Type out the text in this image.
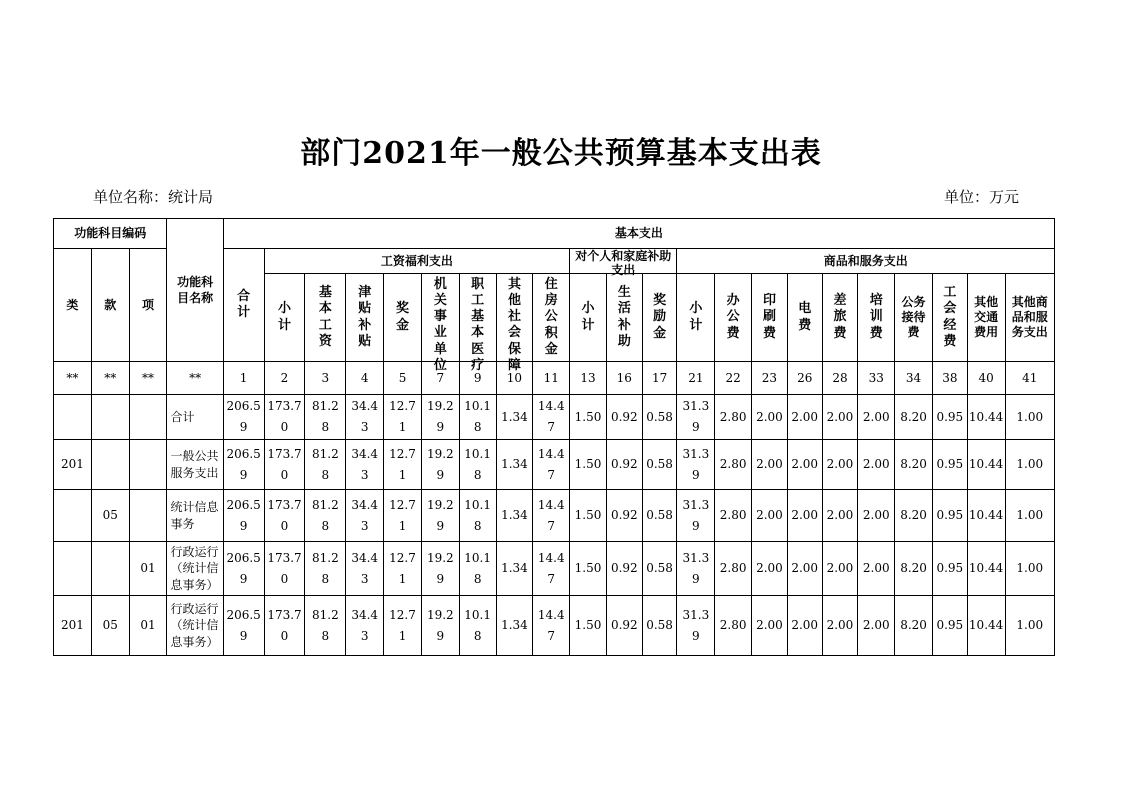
部门2021年一般公共预算基本支出表
单位名称：统计局	单位：万元
功能科目编码			功能科目名称	基本支出																					
类	款	项		合计	工资福利支出								对个人和家庭补助支出			商品和服务支出									

					小计	基本工资	津贴补贴	奖金	机关事业单位	职工基本医疗	其他社会保障	住房公积金	小计	生活补助	奖励金	小计	办公费	印刷费	电费	差旅费	培训费	公务接待费	工会经费	其他交通费用	其他商品和服务支出

**	**	**	**	1	2	3	4	5	7	9	10	11	13	16	17	21	22	23	26	28	33	34	38	40	41

			合计	206.59	173.70	81.28	34.43	12.71	19.29	10.18	1.34	14.47	1.50	0.92	0.58	31.39	2.80	2.00	2.00	2.00	2.00	8.20	0.95	10.44	1.00
201			一般公共服务支出	206.59	173.70	81.28	34.43	12.71	19.29	10.18	1.34	14.47	1.50	0.92	0.58	31.39	2.80	2.00	2.00	2.00	2.00	8.20	0.95	10.44	1.00
	05		统计信息事务	206.59	173.70	81.28	34.43	12.71	19.29	10.18	1.34	14.47	1.50	0.92	0.58	31.39	2.80	2.00	2.00	2.00	2.00	8.20	0.95	10.44	1.00
		01	行政运行（统计信息事务）	206.59	173.70	81.28	34.43	12.71	19.29	10.18	1.34	14.47	1.50	0.92	0.58	31.39	2.80	2.00	2.00	2.00	2.00	8.20	0.95	10.44	1.00
201	05	01	行政运行（统计信息事务）	206.59	173.70	81.28	34.43	12.71	19.29	10.18	1.34	14.47	1.50	0.92	0.58	31.39	2.80	2.00	2.00	2.00	2.00	8.20	0.95	10.44	1.00
